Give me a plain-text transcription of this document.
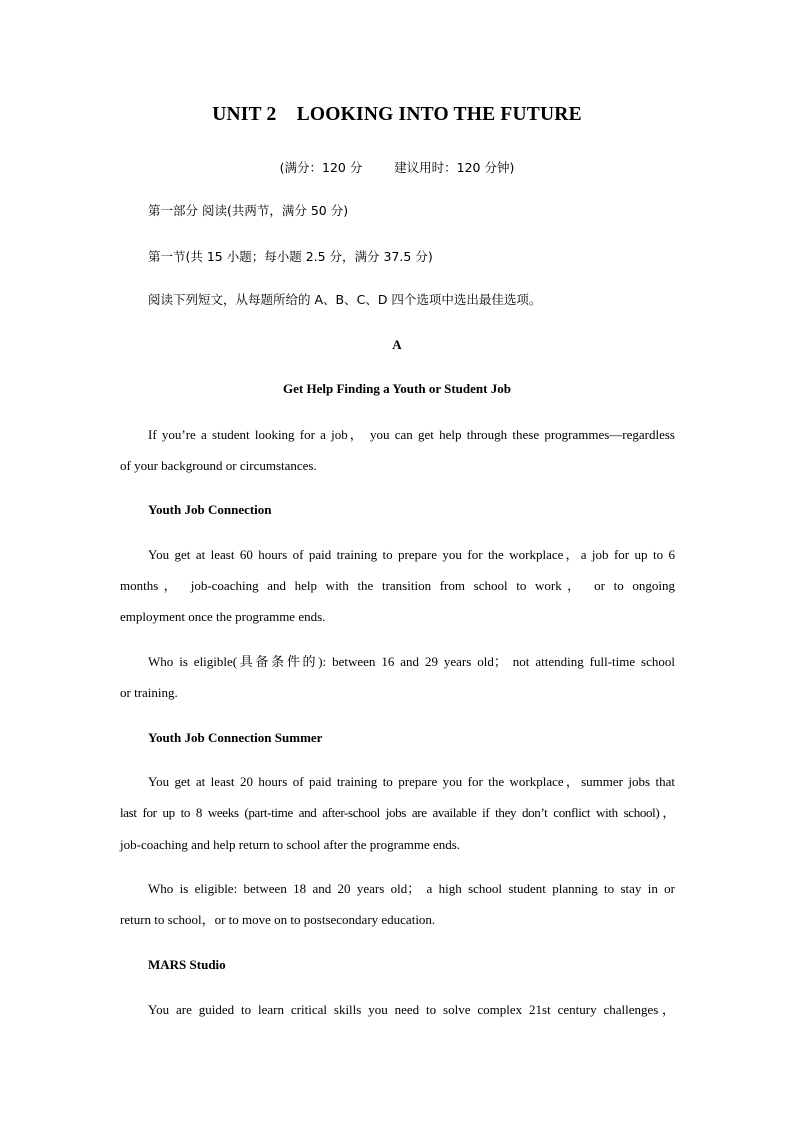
UNIT 2    LOOKING INTO THE FUTURE
(满分：120 分        建议用时：120 分钟)
第一部分 阅读(共两节，满分 50 分)
第一节(共 15 小题；每小题 2.5 分，满分 37.5 分)
阅读下列短文，从每题所给的 A、B、C、D 四个选项中选出最佳选项。
A
Get Help Finding a Youth or Student Job
If you’re a student looking for a job， you can get help through these programmes—regardless
of your background or circumstances.
Youth Job Connection
You get at least 60 hours of paid training to prepare you for the workplace，a job for up to 6
months， job-coaching and help with the transition from school to work， or to ongoing
employment once the programme ends.
Who is eligible(具备条件的): between 16 and 29 years old； not attending full-time school
or training.
Youth Job Connection Summer
You get at least 20 hours of paid training to prepare you for the workplace，summer jobs that
last for up to 8 weeks (part-time and after-school jobs are available if they don’t conflict with school)，
job-coaching and help return to school after the programme ends.
Who is eligible: between 18 and 20 years old； a high school student planning to stay in or
return to school，or to move on to postsecondary education.
MARS Studio
You are guided to learn critical skills you need to solve complex 21st century challenges，
